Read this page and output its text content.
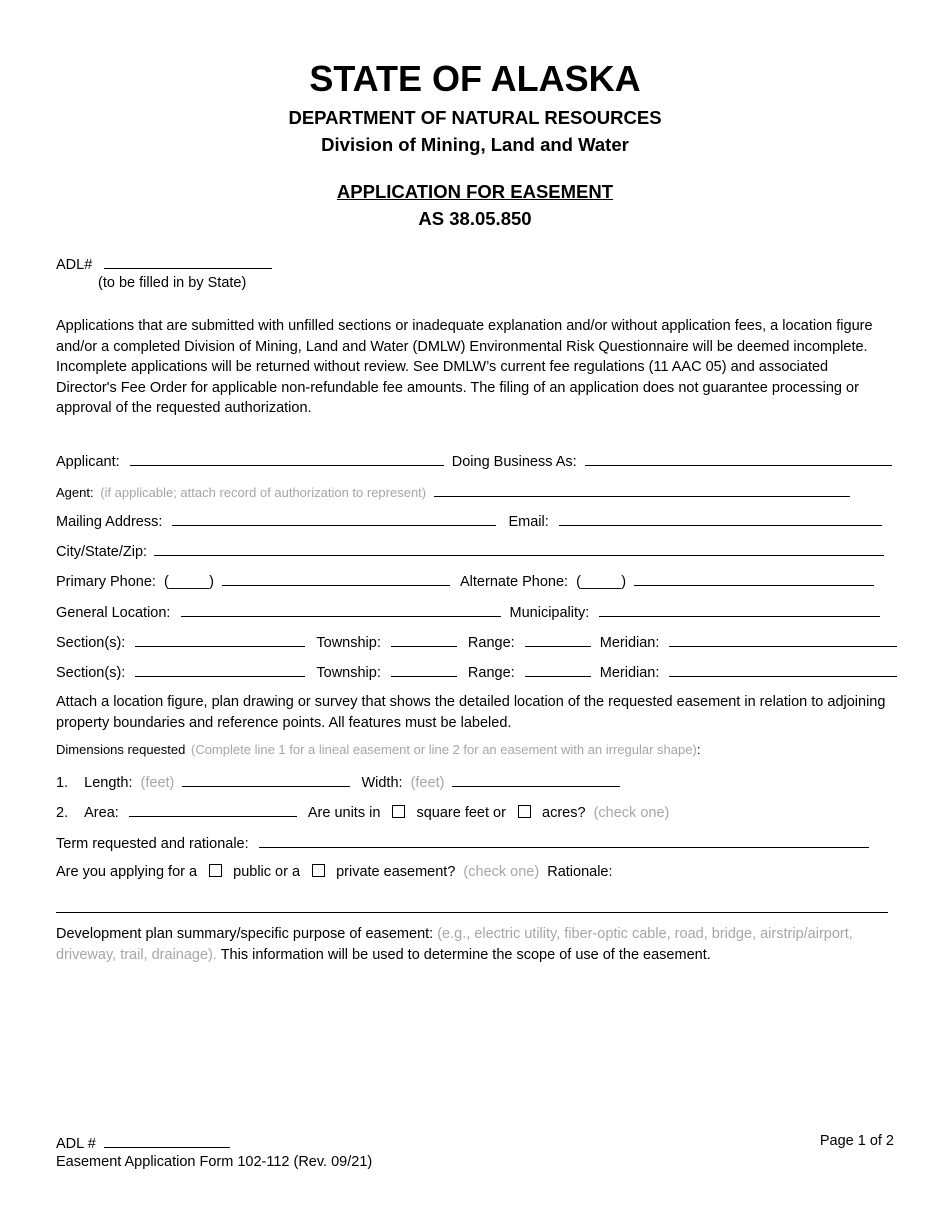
STATE OF ALASKA
DEPARTMENT OF NATURAL RESOURCES
Division of Mining, Land and Water
APPLICATION FOR EASEMENT
AS 38.05.850
ADL#
(to be filled in by State)
Applications that are submitted with unfilled sections or inadequate explanation and/or without application fees, a location figure and/or a completed Division of Mining, Land and Water (DMLW) Environmental Risk Questionnaire will be deemed incomplete. Incomplete applications will be returned without review. See DMLW’s current fee regulations (11 AAC 05) and associated Director's Fee Order for applicable non-refundable fee amounts. The filing of an application does not guarantee processing or approval of the requested authorization.
Applicant:	Doing Business As:
Agent: (if applicable; attach record of authorization to represent)
Mailing Address:	Email:
City/State/Zip:
Primary Phone: (_____)	Alternate Phone: (_____)
General Location:	Municipality:
Section(s):	Township:	Range:	Meridian:
Section(s):	Township:	Range:	Meridian:
Attach a location figure, plan drawing or survey that shows the detailed location of the requested easement in relation to adjoining property boundaries and reference points. All features must be labeled.
Dimensions requested (Complete line 1 for a lineal easement or line 2 for an easement with an irregular shape):
1. Length: (feet)	Width: (feet)
2. Area:	Are units in square feet or acres? (check one)
Term requested and rationale:
Are you applying for a public or a private easement? (check one) Rationale:
Development plan summary/specific purpose of easement: (e.g., electric utility, fiber-optic cable, road, bridge, airstrip/airport, driveway, trail, drainage). This information will be used to determine the scope of use of the easement.
ADL #
Easement Application Form 102-112 (Rev. 09/21)
Page 1 of 2
